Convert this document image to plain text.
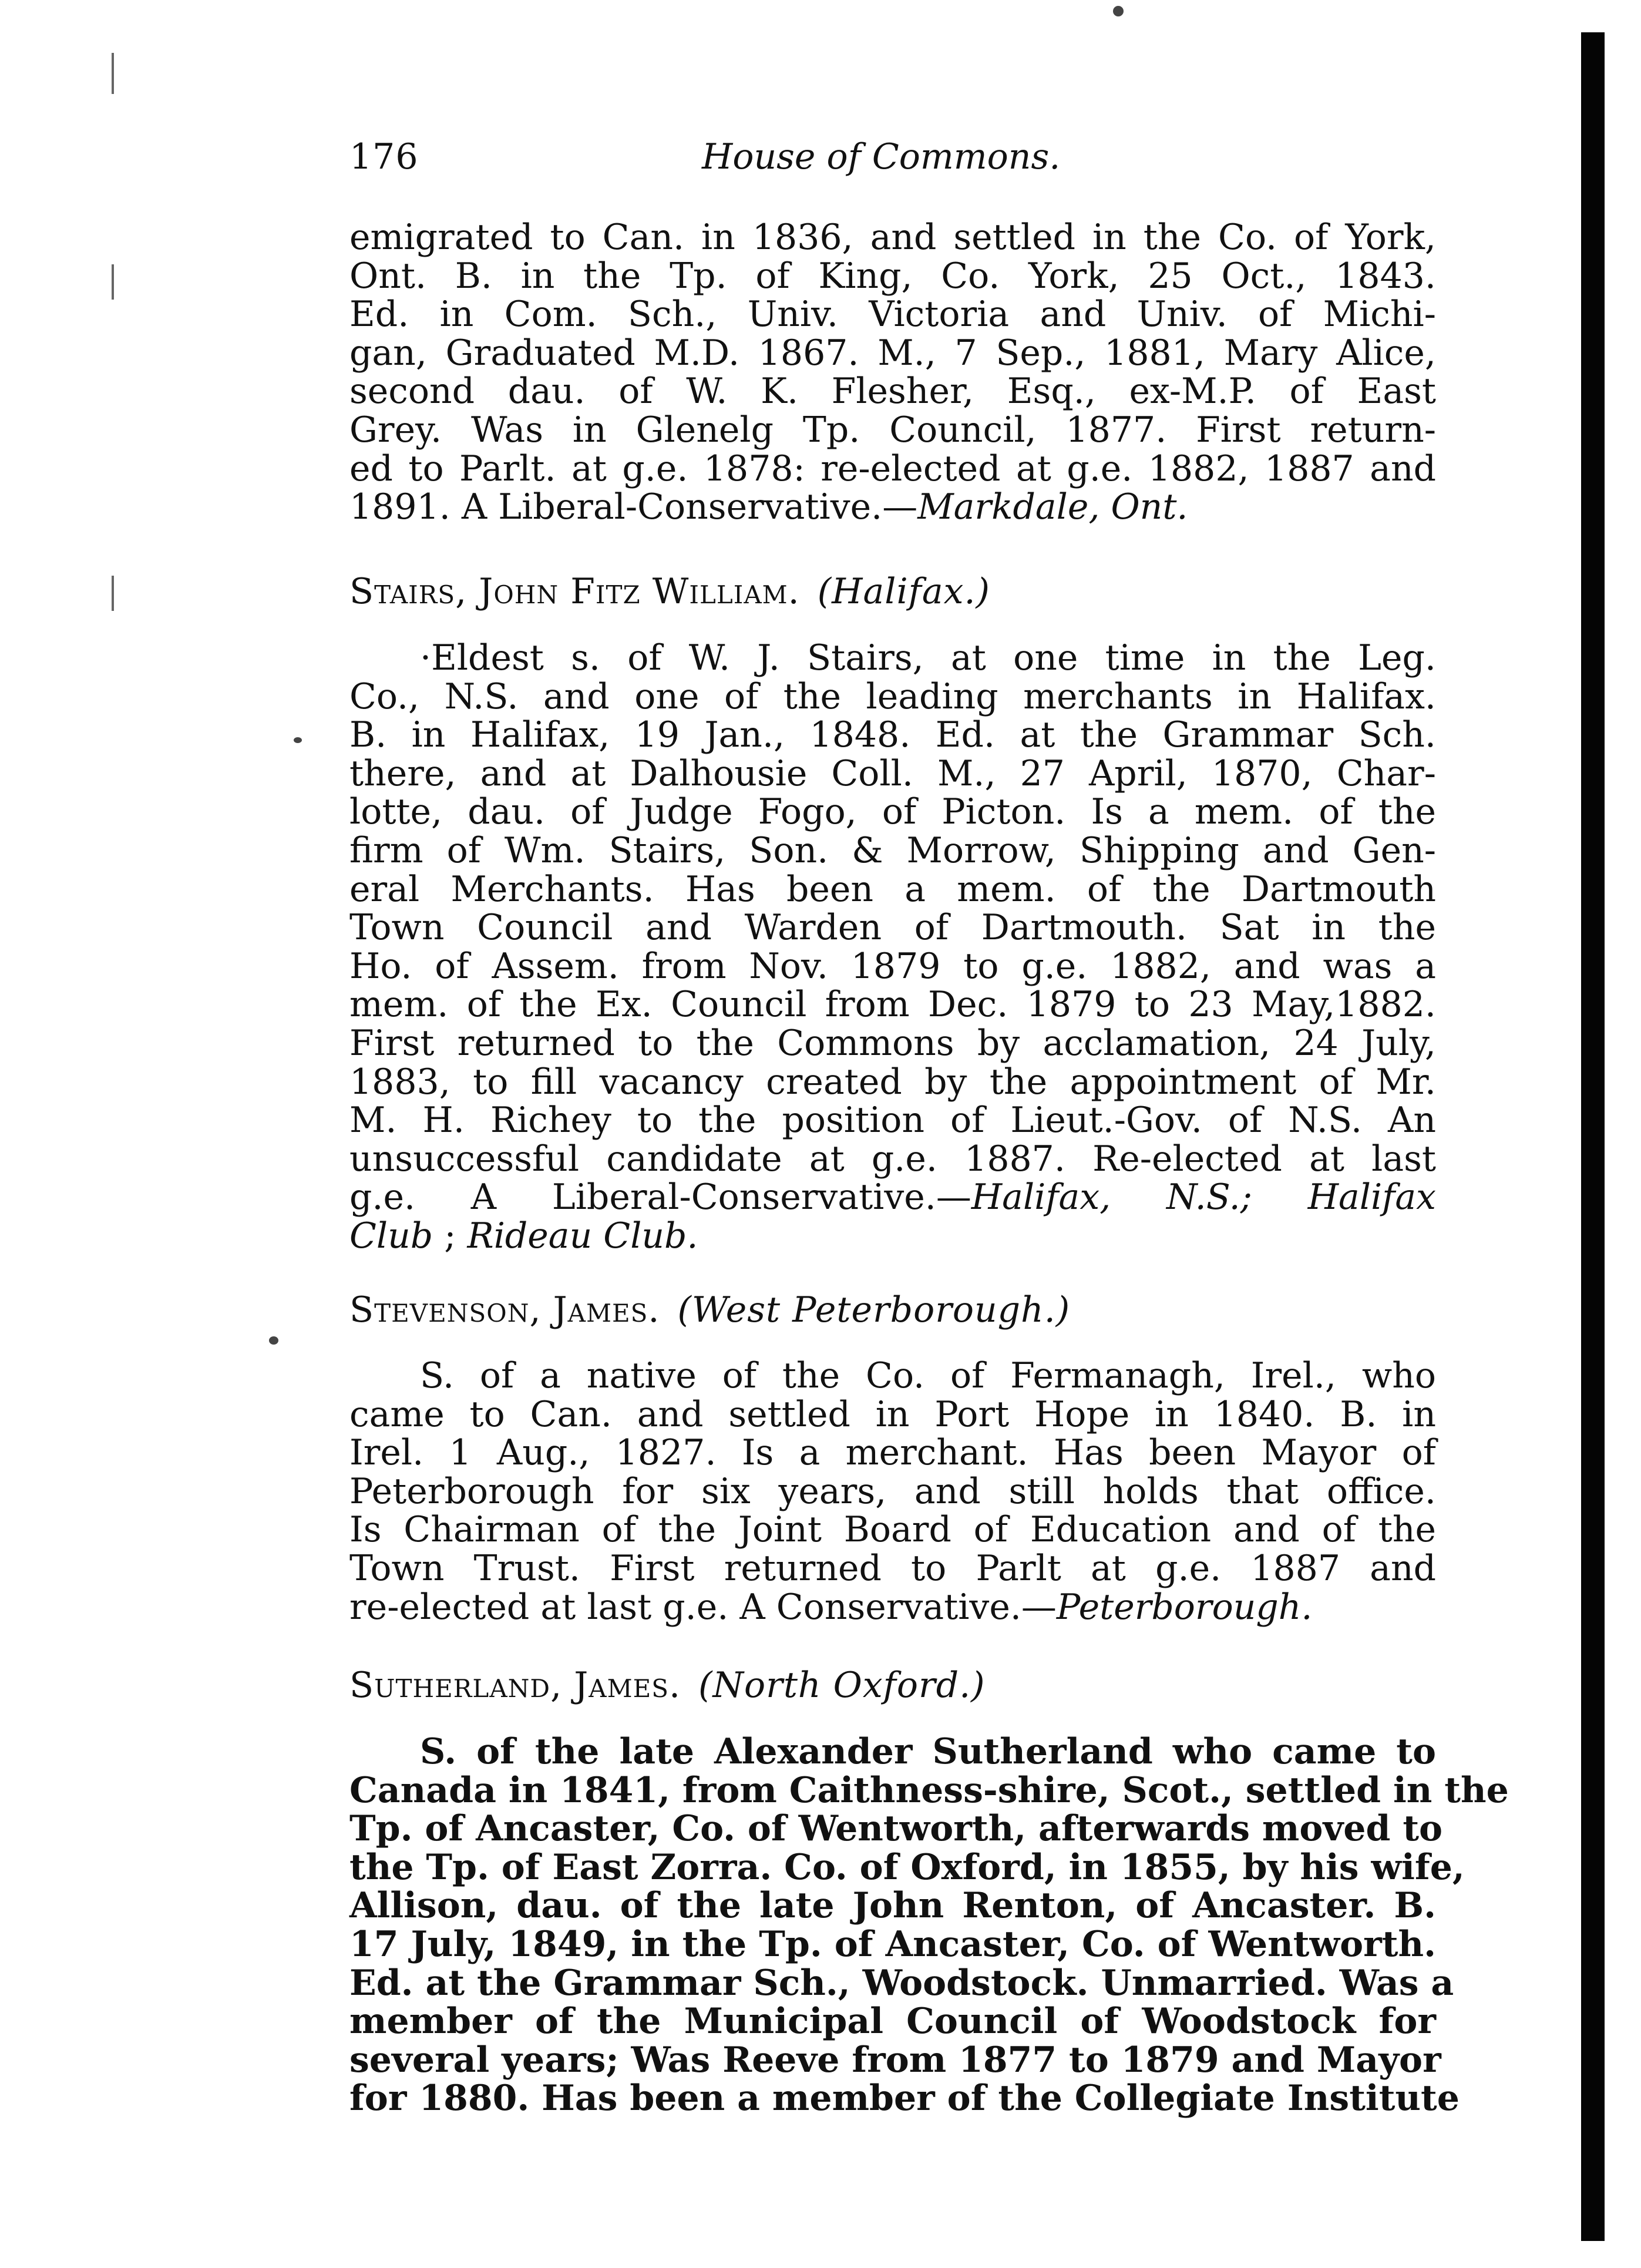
176	House of Commons.
emigrated to Can. in 1836, and settled in the Co. of York,
Ont. B. in the Tp. of King, Co. York, 25 Oct., 1843.
Ed. in Com. Sch., Univ. Victoria and Univ. of Michi-
gan, Graduated M.D. 1867. M., 7 Sep., 1881, Mary Alice,
second dau. of W. K. Flesher, Esq., ex-M.P. of East
Grey. Was in Glenelg Tp. Council, 1877. First return-
ed to Parlt. at g.e. 1878: re-elected at g.e. 1882, 1887 and
1891. A Liberal-Conservative.—Markdale, Ont.
Stairs, John Fitz William. (Halifax.)
·Eldest s. of W. J. Stairs, at one time in the Leg.
Co., N.S. and one of the leading merchants in Halifax.
B. in Halifax, 19 Jan., 1848. Ed. at the Grammar Sch.
there, and at Dalhousie Coll. M., 27 April, 1870, Char-
lotte, dau. of Judge Fogo, of Picton. Is a mem. of the
firm of Wm. Stairs, Son. & Morrow, Shipping and Gen-
eral Merchants. Has been a mem. of the Dartmouth
Town Council and Warden of Dartmouth. Sat in the
Ho. of Assem. from Nov. 1879 to g.e. 1882, and was a
mem. of the Ex. Council from Dec. 1879 to 23 May,1882.
First returned to the Commons by acclamation, 24 July,
1883, to fill vacancy created by the appointment of Mr.
M. H. Richey to the position of Lieut.-Gov. of N.S. An
unsuccessful candidate at g.e. 1887. Re-elected at last
g.e. A Liberal-Conservative.—Halifax, N.S.; Halifax
Club ; Rideau Club.
Stevenson, James. (West Peterborough.)
S. of a native of the Co. of Fermanagh, Irel., who
came to Can. and settled in Port Hope in 1840. B. in
Irel. 1 Aug., 1827. Is a merchant. Has been Mayor of
Peterborough for six years, and still holds that office.
Is Chairman of the Joint Board of Education and of the
Town Trust. First returned to Parlt at g.e. 1887 and
re-elected at last g.e. A Conservative.—Peterborough.
Sutherland, James. (North Oxford.)
S. of the late Alexander Sutherland who came to
Canada in 1841, from Caithness-shire, Scot., settled in the
Tp. of Ancaster, Co. of Wentworth, afterwards moved to
the Tp. of East Zorra. Co. of Oxford, in 1855, by his wife,
Allison, dau. of the late John Renton, of Ancaster. B.
17 July, 1849, in the Tp. of Ancaster, Co. of Wentworth.
Ed. at the Grammar Sch., Woodstock. Unmarried. Was a
member of the Municipal Council of Woodstock for
several years; Was Reeve from 1877 to 1879 and Mayor
for 1880. Has been a member of the Collegiate Institute
